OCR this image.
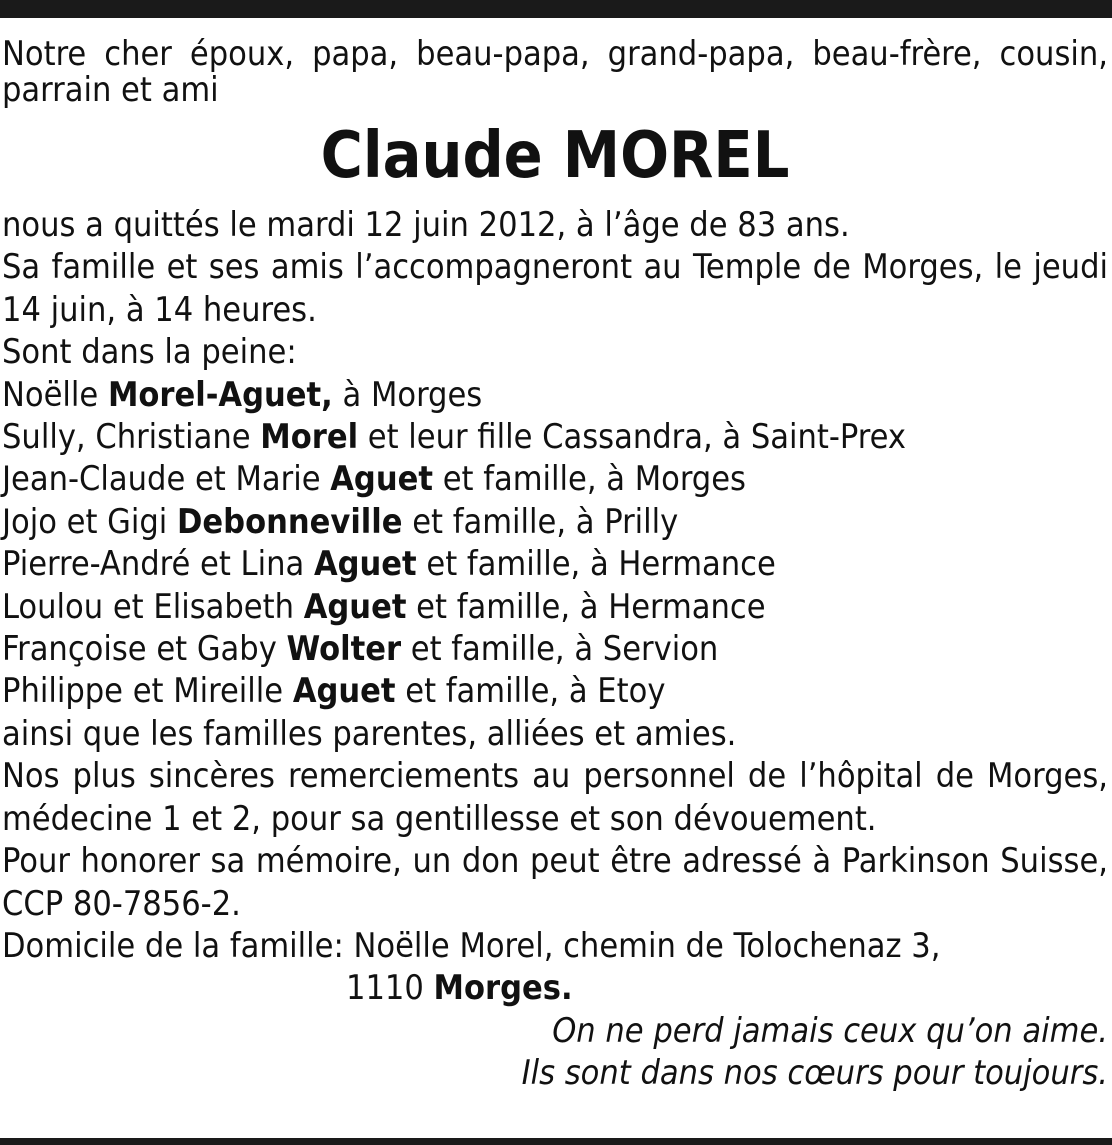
Notre cher époux, papa, beau-papa, grand-papa, beau-frère, cousin,
parrain et ami

Claude MOREL

nous a quittés le mardi 12 juin 2012, à l’âge de 83 ans.

Sa famille et ses amis l’accompagneront au Temple de Morges, le jeudi
14 juin, à 14 heures.

Sont dans la peine:

Noëlle Morel-Aguet, à Morges
Sully, Christiane Morel et leur fille Cassandra, à Saint-Prex
Jean-Claude et Marie Aguet et famille, à Morges
Jojo et Gigi Debonneville et famille, à Prilly
Pierre-André et Lina Aguet et famille, à Hermance
Loulou et Elisabeth Aguet et famille, à Hermance
Françoise et Gaby Wolter et famille, à Servion
Philippe et Mireille Aguet et famille, à Etoy

ainsi que les familles parentes, alliées et amies.

Nos plus sincères remerciements au personnel de l’hôpital de Morges,
médecine 1 et 2, pour sa gentillesse et son dévouement.

Pour honorer sa mémoire, un don peut être adressé à Parkinson Suisse,
CCP 80-7856-2.

Domicile de la famille: Noëlle Morel, chemin de Tolochenaz 3,
1110 Morges.

On ne perd jamais ceux qu’on aime.
Ils sont dans nos cœurs pour toujours.
